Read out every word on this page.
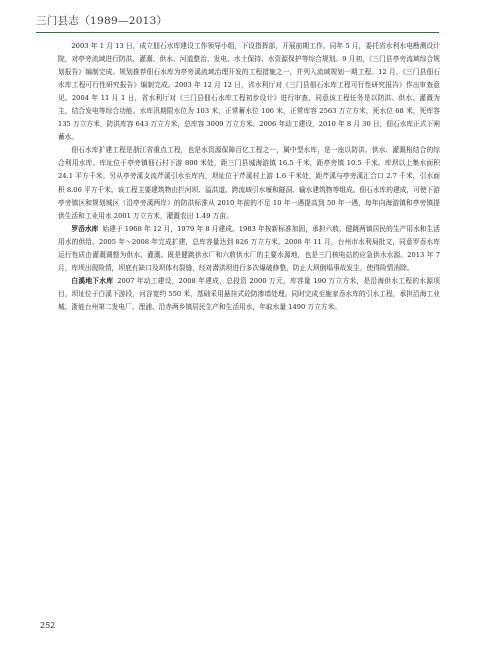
三门县志（1989—2013）

2003 年 1 月 13 日，成立佃石水库建设工作领导小组，下设指挥部，开展前期工作。同年 5 月，委托省水利水电勘测设计院，对亭旁流域进行防洪、灌溉、供水、河道整治、发电、水土保持、水资源保护等综合规划。9 月初，《三门县亭旁流域综合规划报告》编制完成。规划推荐佃石水库为亭旁溪流域治理开发的工程措施之一，并列入流域规划一期工程。12 月，《三门县佃石水库工程可行性研究报告》编制完成。2003 年 12 月 12 日，省水利厅对《三门县佃石水库工程可行性研究报告》作出审查意见。2004 年 11 月 1 日，省水利厅对《三门县佃石水库工程初步设计》进行审查，同意该工程任务是以防洪、供水、灌溉为主，结合发电等综合功能。水库汛期限水位为 103 米，正常蓄水位 106 米，正常库容 2563 万立方米，死水位 68 米，死库容 135 万立方米，防洪库容 643 万立方米，总库容 3009 万立方米。2006 年动工建设，2010 年 8 月 30 日，佃石水库正式下闸蓄水。

佃石水库扩建工程是浙江省重点工程，也是水资源保障百亿工程之一，属中型水库，是一座以防洪、供水、灌溉相结合的综合利用水库。库址位于亭旁镇佃石村下游 800 米处，距三门县城海游镇 16.5 千米，距亭旁镇 10.5 千米。库坝以上集水面积 24.1 平方千米。另从亭旁溪支流芹溪引水至库内，坝址位于芹溪村上游 1.6 千米处，距芹溪与亭旁溪汇合口 2.7 千米，引水面积 8.06 平方千米。该工程主要建筑物由拦河坝、溢洪道、跨流域引水堰和隧洞、输水建筑物等组成。佃石水库的建成，可使下游亭旁镇区和规划城区（沿亭旁溪两岸）的防洪标准从 2010 年前的不足 10 年一遇提高到 50 年一遇，每年向海游镇和亭旁镇提供生活和工业用水 2001 万立方米，灌溉农田 1.49 万亩。

罗岙水库 始建于 1968 年 12 月，1979 年 8 月建成。1983 年按新标准加固，承担六敖、健跳两镇居民的生产用水和生活用水的供给。2005 年～2008 年完成扩建，总库容量达到 826 万立方米。2008 年 11 月，台州市水利局批文，同意罗岙水库运行性质由灌溉调整为供水、灌溉。既是健跳供水厂和六敖供水厂的主要水源地，也是三门核电站的应急供水水源。2013 年 7 月，库坝出现险情，坝底有缺口及坝体有裂缝，经对潜洪坝进行多次爆破修整，防止大坝倒塌事故发生，使得险情消除。

白溪地下水库 2007 年动工建设，2008 年建成，总投资 2000 万元，库容量 190 万立方米，是沿海供水工程的水源项目，坝址位于白溪下游段，河谷宽约 550 米，基础采用悬挂式砼防渗墙处理。同时完成至施家岙水库的引水工程，承担沿海工业城、浙能台州第二发电厂、浬浦、沿赤两乡镇居民生产和生活用水，年取水量 1490 万立方米。

252
